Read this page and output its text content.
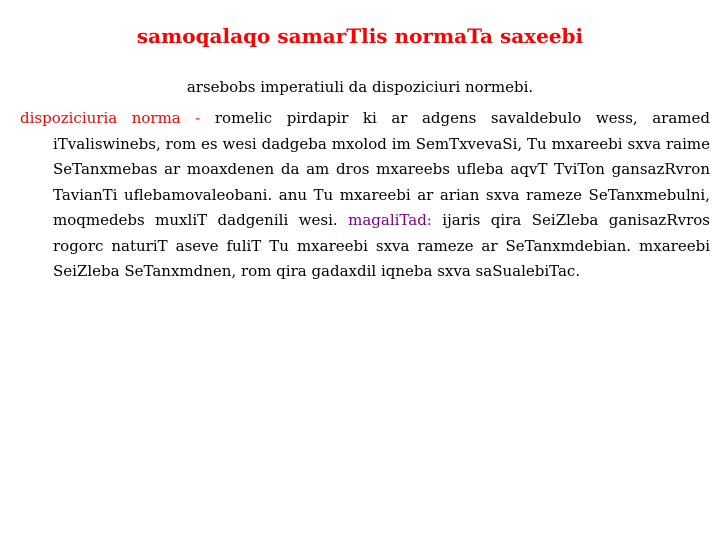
samoqalaqo samarTlis normaTa saxeebi
arsebobs imperatiuli da dispoziciuri normebi.
dispoziciuria norma - romelic pirdapir ki ar adgens savaldebulo wess, aramed iTvaliswinebs, rom es wesi dadgeba mxolod im SemTxvevaSi, Tu mxareebi sxva raime SeTanxmebas ar moaxdenen da am dros mxareebs ufleba aqvT TviTon gansazRvron TavianTi uflebamovaleobani. anu Tu mxareebi ar arian sxva rameze SeTanxmebulni, moqmedebs muxliT dadgenili wesi. magaliTad: ijaris qira SeiZleba ganisazRvros rogorc naturiT aseve fuliT Tu mxareebi sxva rameze ar SeTanxmdebian. mxareebi SeiZleba SeTanxmdnen, rom qira gadaxdil iqneba sxva saSualebiTac.
